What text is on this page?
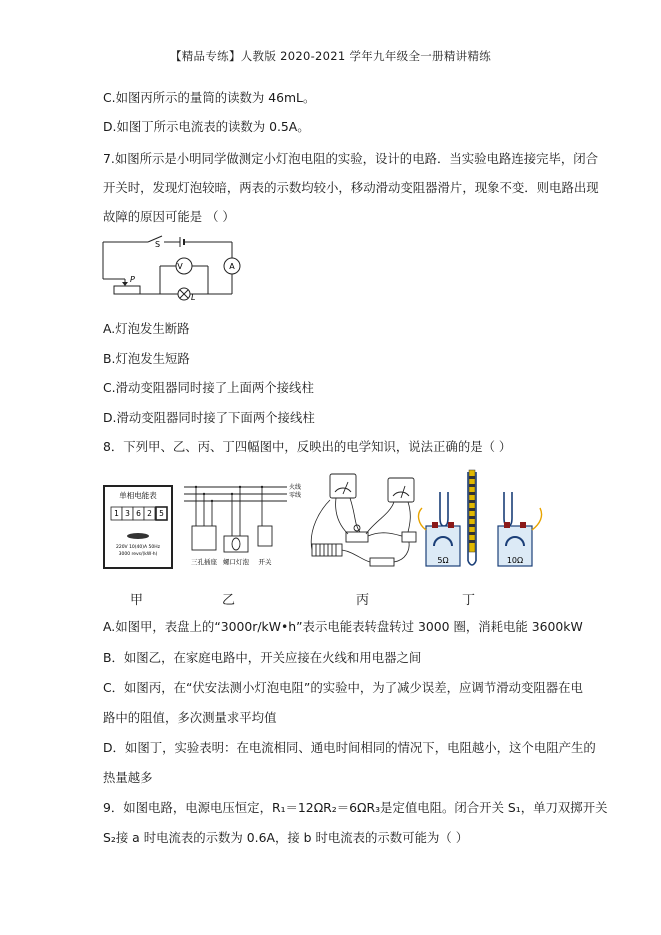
【精品专练】人教版 2020-2021 学年九年级全一册精讲精练
C.如图丙所示的量筒的读数为 46mL。
D.如图丁所示电流表的读数为 0.5A。
7.如图所示是小明同学做测定小灯泡电阻的实验，设计的电路．当实验电路连接完毕，闭合
开关时，发现灯泡较暗，两表的示数均较小，移动滑动变阻器滑片，现象不变．则电路出现
故障的原因可能是 （ ）
S
V	A
P
L
A.灯泡发生断路
B.灯泡发生短路
C.滑动变阻器同时接了上面两个接线柱
D.滑动变阻器同时接了下面两个接线柱
8．下列甲、乙、丙、丁四幅图中，反映出的电学知识，说法正确的是（ ）
单相电能表
1 3 6 2 5
220V 10(40)A 50Hz
3000 revs/(kW·h)
火线
零线
三孔插座 螺口灯泡 开关	5Ω	10Ω
甲	乙	丙	丁
A.如图甲，表盘上的“3000r/kW•h”表示电能表转盘转过 3000 圈，消耗电能 3600kW
B．如图乙，在家庭电路中，开关应接在火线和用电器之间
C．如图丙，在“伏安法测小灯泡电阻”的实验中，为了减少误差，应调节滑动变阻器在电
路中的阻值，多次测量求平均值
D．如图丁，实验表明：在电流相同、通电时间相同的情况下，电阻越小，这个电阻产生的
热量越多
9．如图电路，电源电压恒定，R₁＝12ΩR₂＝6ΩR₃是定值电阻。闭合开关 S₁，单刀双掷开关
S₂接 a 时电流表的示数为 0.6A，接 b 时电流表的示数可能为（ ）
